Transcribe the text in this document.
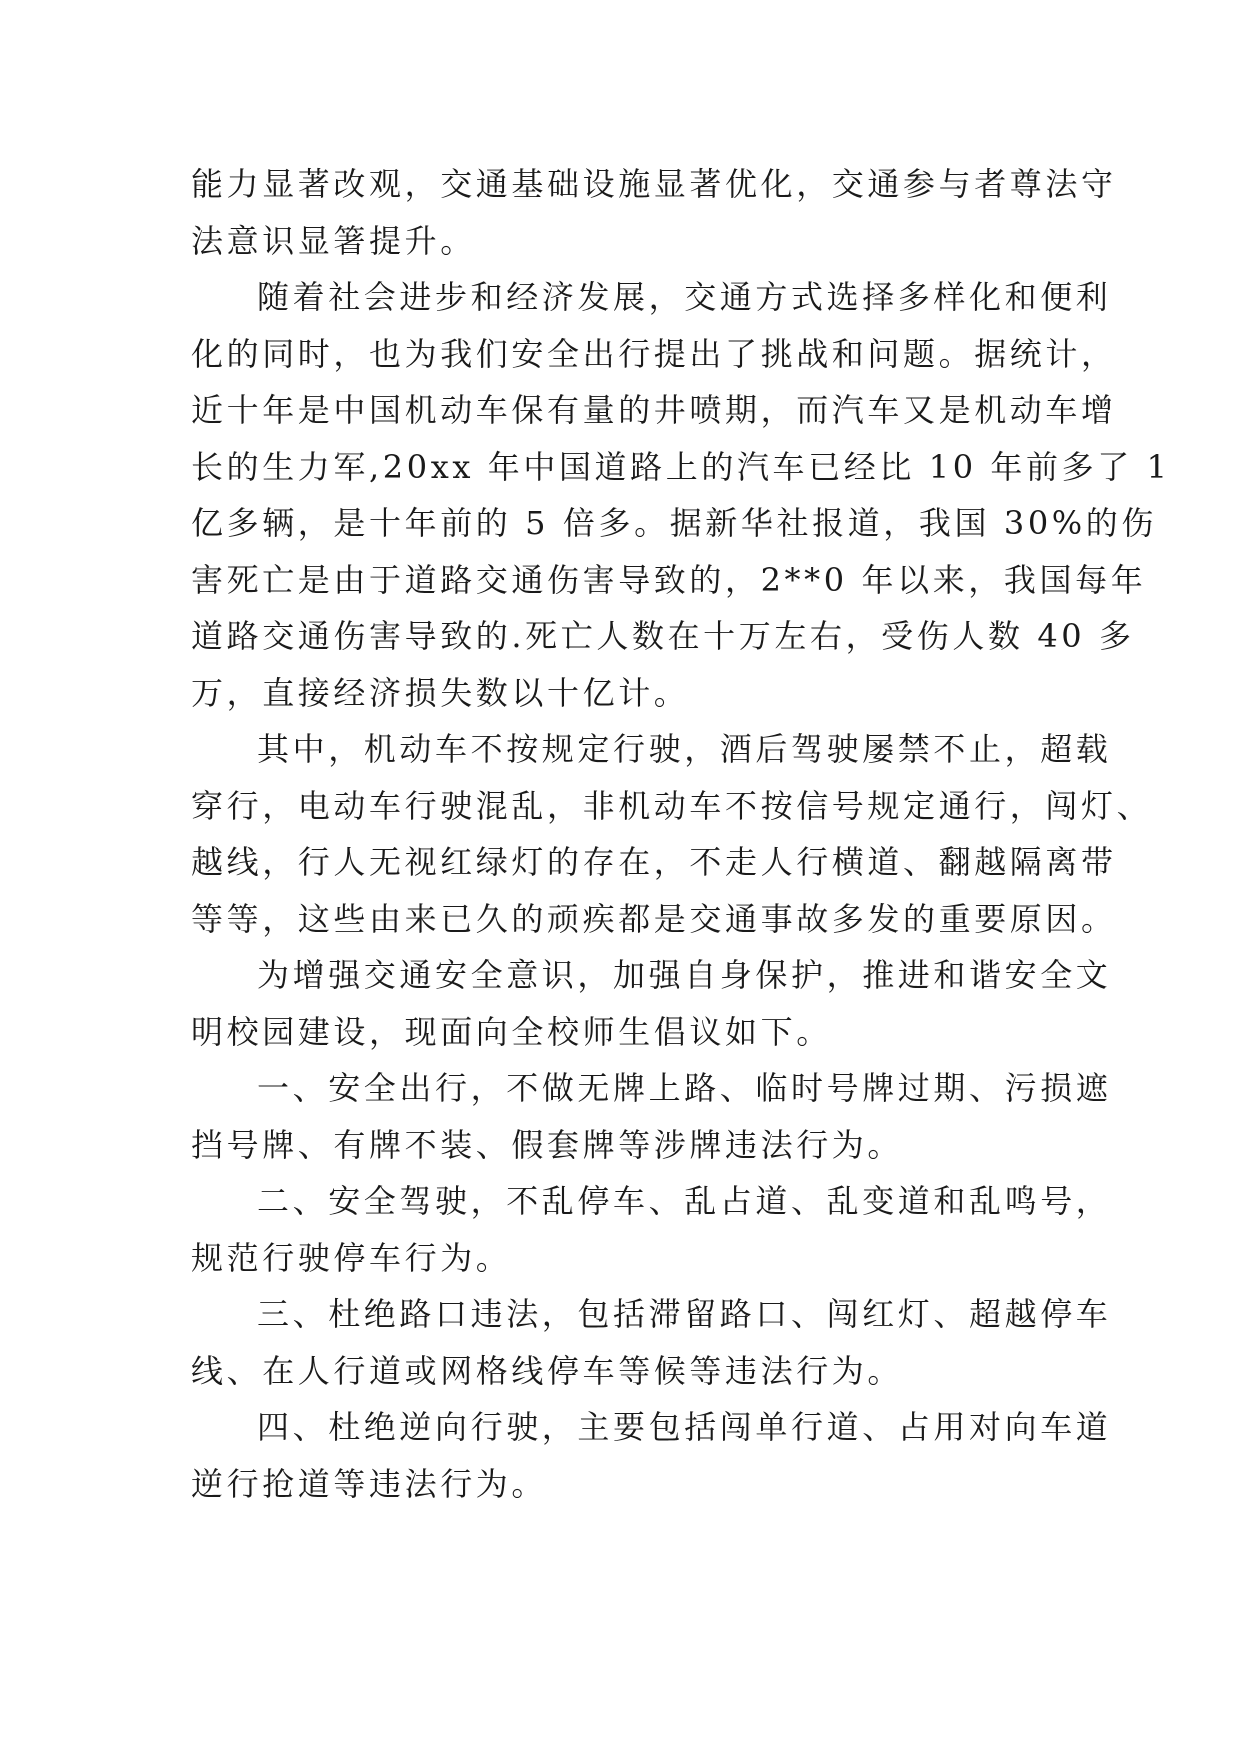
能力显著改观，交通基础设施显著优化，交通参与者尊法守
法意识显箸提升。
随着社会进步和经济发展，交通方式选择多样化和便利
化的同时，也为我们安全出行提出了挑战和问题。据统计，
近十年是中国机动车保有量的井喷期，而汽车又是机动车增
长的生力军,20xx 年中国道路上的汽车已经比 10 年前多了 1
亿多辆，是十年前的 5 倍多。据新华社报道，我国 30%的伤
害死亡是由于道路交通伤害导致的，2**0 年以来，我国每年
道路交通伤害导致的.死亡人数在十万左右，受伤人数 40 多
万，直接经济损失数以十亿计。
其中，机动车不按规定行驶，酒后驾驶屡禁不止，超载
穿行，电动车行驶混乱，非机动车不按信号规定通行，闯灯、
越线，行人无视红绿灯的存在，不走人行横道、翻越隔离带
等等，这些由来已久的顽疾都是交通事故多发的重要原因。
为增强交通安全意识，加强自身保护，推进和谐安全文
明校园建设，现面向全校师生倡议如下。
一、安全出行，不做无牌上路、临时号牌过期、污损遮
挡号牌、有牌不装、假套牌等涉牌违法行为。
二、安全驾驶，不乱停车、乱占道、乱变道和乱鸣号，
规范行驶停车行为。
三、杜绝路口违法，包括滞留路口、闯红灯、超越停车
线、在人行道或网格线停车等候等违法行为。
四、杜绝逆向行驶，主要包括闯单行道、占用对向车道
逆行抢道等违法行为。
